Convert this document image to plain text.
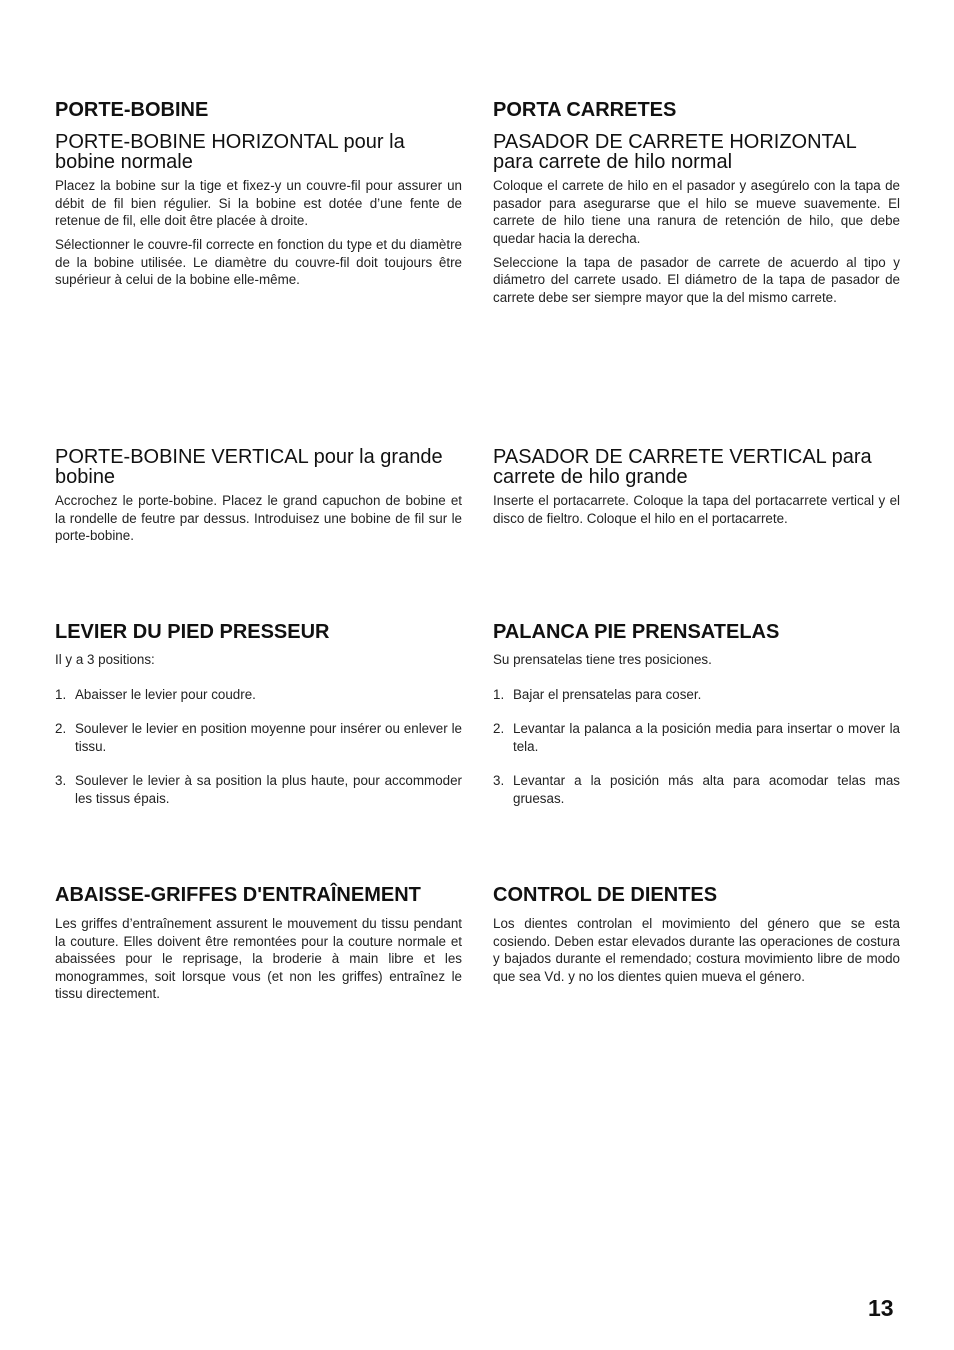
PORTE-BOBINE
PORTE-BOBINE HORIZONTAL pour la bobine normale

Placez la bobine sur la tige et fixez-y un couvre-fil pour assurer un débit de fil bien régulier. Si la bobine est dotée d’une fente de retenue de fil, elle doit être placée à droite.

Sélectionner le couvre-fil correcte en fonction du type et du diamètre de la bobine utilisée. Le diamètre du couvre-fil doit toujours être supérieur à celui de la bobine elle-même.

PORTE-BOBINE VERTICAL pour la grande bobine

Accrochez le porte-bobine. Placez le grand capuchon de bobine et la rondelle de feutre par dessus. Introduisez une bobine de fil sur le porte-bobine.

LEVIER DU PIED PRESSEUR

Il y a 3 positions:

1. Abaisser le levier pour coudre.
2. Soulever le levier en position moyenne pour insérer ou enlever le tissu.
3. Soulever le levier à sa position la plus haute, pour accommoder les tissus épais.
ABAISSE-GRIFFES D'ENTRAÎNEMENT

Les griffes d’entraînement assurent le mouvement du tissu pendant la couture. Elles doivent être remontées pour la couture normale et abaissées pour le reprisage, la broderie à main libre et les monogrammes, soit lorsque vous (et non les griffes) entraînez le tissu directement.

PORTA CARRETES
PASADOR DE CARRETE HORIZONTAL para carrete de hilo normal

Coloque el carrete de hilo en el pasador y asegúrelo con la tapa de pasador para asegurarse que el hilo se mueve suavemente. El carrete de hilo tiene una ranura de retención de hilo, que debe quedar hacia la derecha.

Seleccione la tapa de pasador de carrete de acuerdo al tipo y diámetro del carrete usado. El diámetro de la tapa de pasador de carrete debe ser siempre mayor que la del mismo carrete.

PASADOR DE CARRETE VERTICAL para carrete de hilo grande

Inserte el portacarrete. Coloque la tapa del portacarrete vertical y el disco de fieltro. Coloque el hilo en el portacarrete.

PALANCA PIE PRENSATELAS

Su prensatelas tiene tres posiciones.

1. Bajar el prensatelas para coser.
2. Levantar la palanca a la posición media para insertar o mover la tela.
3. Levantar a la posición más alta para acomodar telas mas gruesas.
CONTROL DE DIENTES

Los dientes controlan el movimiento del género que se esta cosiendo. Deben estar elevados durante las operaciones de costura y bajados durante el remendado; costura movimiento libre de modo que sea Vd. y no los dientes quien mueva el género.

13
